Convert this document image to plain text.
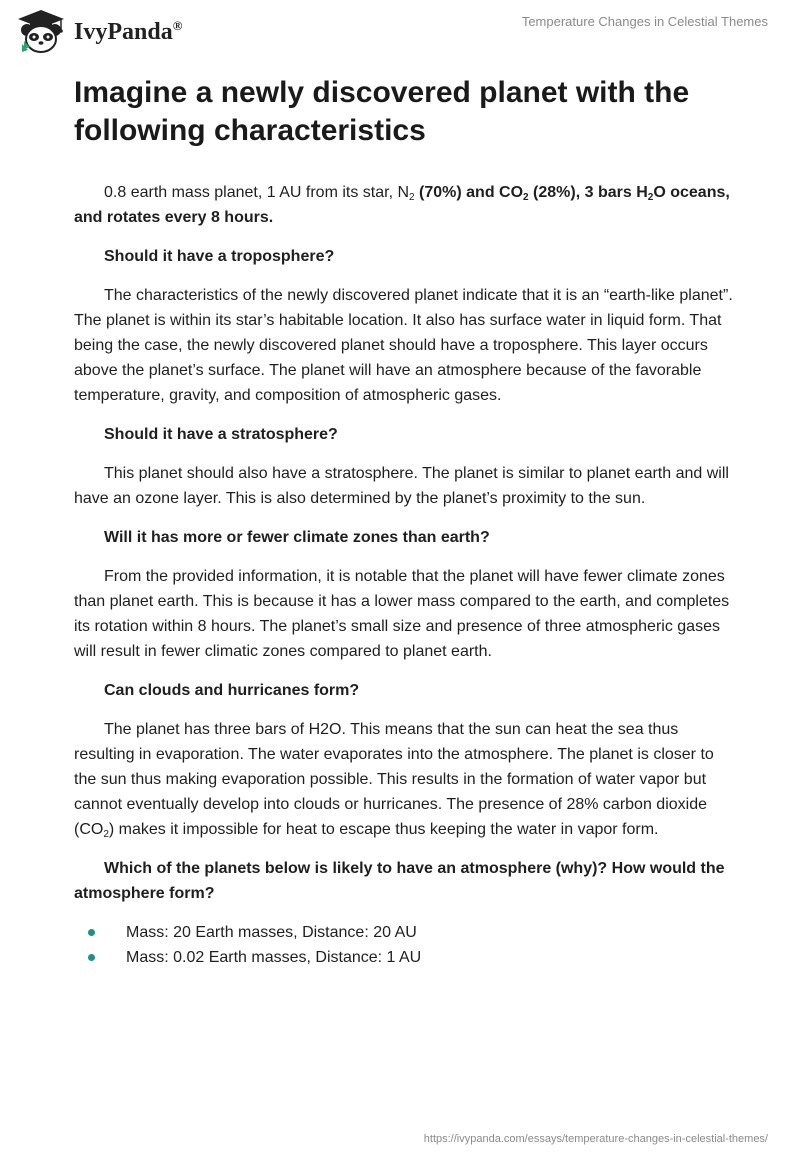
IvyPanda®	Temperature Changes in Celestial Themes
Imagine a newly discovered planet with the following characteristics

0.8 earth mass planet, 1 AU from its star, $N_2$ (70%) and $CO_2$ (28%), 3 bars $H_2O$ oceans, and rotates every 8 hours.

Should it have a troposphere?

The characteristics of the newly discovered planet indicate that it is an “earth-like planet”. The planet is within its star’s habitable location. It also has surface water in liquid form. That being the case, the newly discovered planet should have a troposphere. This layer occurs above the planet’s surface. The planet will have an atmosphere because of the favorable temperature, gravity, and composition of atmospheric gases.

Should it have a stratosphere?

This planet should also have a stratosphere. The planet is similar to planet earth and will have an ozone layer. This is also determined by the planet’s proximity to the sun.

Will it has more or fewer climate zones than earth?

From the provided information, it is notable that the planet will have fewer climate zones than planet earth. This is because it has a lower mass compared to the earth, and completes its rotation within 8 hours. The planet’s small size and presence of three atmospheric gases will result in fewer climatic zones compared to planet earth.

Can clouds and hurricanes form?

The planet has three bars of H2O. This means that the sun can heat the sea thus resulting in evaporation. The water evaporates into the atmosphere. The planet is closer to the sun thus making evaporation possible. This results in the formation of water vapor but cannot eventually develop into clouds or hurricanes. The presence of 28% carbon dioxide $(CO_2)$ makes it impossible for heat to escape thus keeping the water in vapor form.

Which of the planets below is likely to have an atmosphere (why)? How would the atmosphere form?

Mass: 20 Earth masses, Distance: 20 AU
Mass: 0.02 Earth masses, Distance: 1 AU
https://ivypanda.com/essays/temperature-changes-in-celestial-themes/
